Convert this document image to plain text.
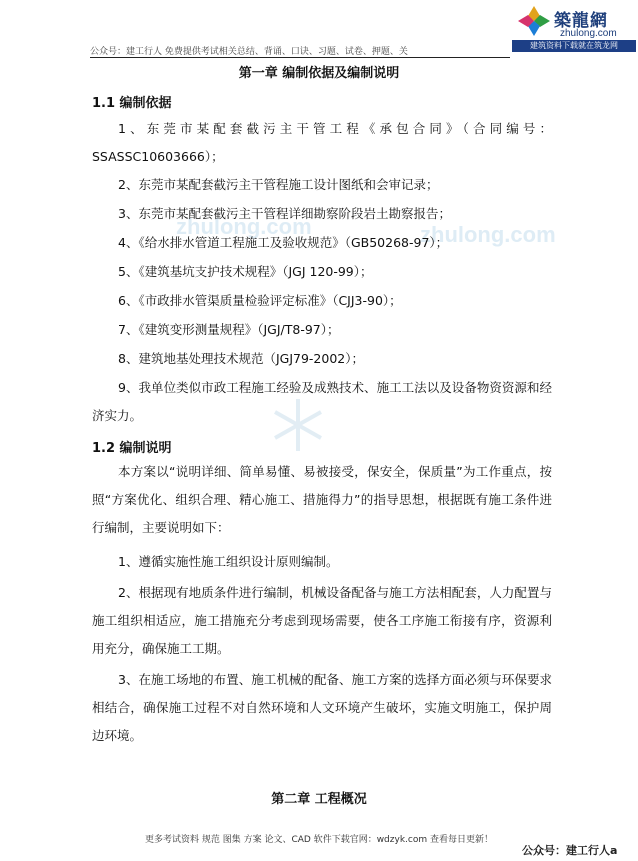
築龍網
zhulong.com
建筑资料下载就在筑龙网
公众号：建工行人 免费提供考试相关总结、背诵、口诀、习题、试卷、押题、关
zhulong.com	zhulong.com
第一章 编制依据及编制说明
1.1 编制依据

1、东莞市某配套截污主干管工程《承包合同》（合同编号：SSASSC10603666）；

2、东莞市某配套截污主干管程施工设计图纸和会审记录；

3、东莞市某配套截污主干管程详细勘察阶段岩土勘察报告；

4、《给水排水管道工程施工及验收规范》（GB50268-97）；

5、《建筑基坑支护技术规程》（JGJ 120-99）；

6、《市政排水管渠质量检验评定标准》（CJJ3-90）；

7、《建筑变形测量规程》（JGJ/T8-97）；

8、建筑地基处理技术规范（JGJ79-2002）；

9、我单位类似市政工程施工经验及成熟技术、施工工法以及设备物资资源和经济实力。

1.2 编制说明

本方案以“说明详细、简单易懂、易被接受，保安全，保质量”为工作重点，按照“方案优化、组织合理、精心施工、措施得力”的指导思想，根据既有施工条件进行编制，主要说明如下：

1、遵循实施性施工组织设计原则编制。

2、根据现有地质条件进行编制，机械设备配备与施工方法相配套，人力配置与施工组织相适应，施工措施充分考虑到现场需要，使各工序施工衔接有序，资源利用充分，确保施工工期。

3、在施工场地的布置、施工机械的配备、施工方案的选择方面必须与环保要求相结合，确保施工过程不对自然环境和人文环境产生破坏，实施文明施工，保护周边环境。

第二章 工程概况
更多考试资料 规范 图集 方案 论文、CAD 软件下载官网：wdzyk.com 查看每日更新！
公众号：建工行人a
